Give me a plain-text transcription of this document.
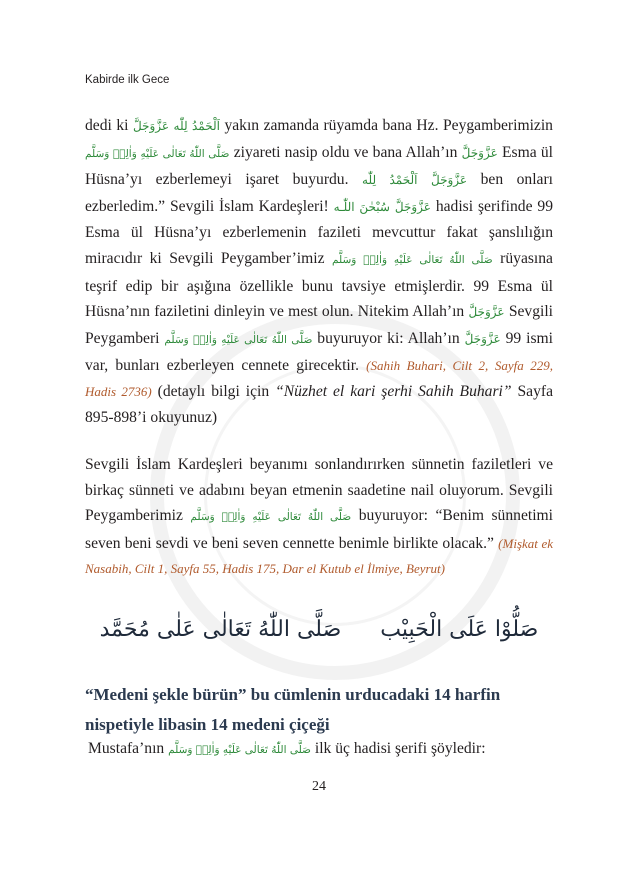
Kabirde ilk Gece
dedi ki عَزَّوَجَلَّ اَلْحَمْدُ لِلّٰه yakın zamanda rüyamda bana Hz. Peygamberimizin صَلَّى اللّٰهُ تَعَالٰى عَلَيْهِ وَاٰلِهٖ وَسَلَّم ziyareti nasip oldu ve bana Allah’ın عَزَّوَجَلَّ Esma ül Hüsna’yı ezberlemeyi işaret buyurdu. اَلْحَمْدُ لِلّٰه عَزَّوَجَلَّ ben onları ezberledim.” Sevgili İslam Kardeşleri! سُبْحٰنَ اللّٰـه عَزَّوَجَلَّ hadisi şerifinde 99 Esma ül Hüsna’yı ezberlemenin fazileti mevcuttur fakat şanslılığın miracıdır ki Sevgili Peygamber’imiz صَلَّى اللّٰهُ تَعَالٰى عَلَيْهِ وَاٰلِهٖ وَسَلَّم rüyasına teşrif edip bir aşığına özellikle bunu tavsiye etmişlerdir. 99 Esma ül Hüsna’nın faziletini dinleyin ve mest olun. Nitekim Allah’ın عَزَّوَجَلَّ Sevgili Peygamberi صَلَّى اللّٰهُ تَعَالٰى عَلَيْهِ وَاٰلِهٖ وَسَلَّم buyuruyor ki: Allah’ın عَزَّوَجَلَّ 99 ismi var, bunları ezberleyen cennete girecektir. (Sahih Buhari, Cilt 2, Sayfa 229, Hadis 2736) (detaylı bilgi için “Nüzhet el kari şerhi Sahih Buhari” Sayfa 895-898’i okuyunuz)
Sevgili İslam Kardeşleri beyanımı sonlandırırken sünnetin faziletleri ve birkaç sünneti ve adabını beyan etmenin saadetine nail oluyorum. Sevgili Peygamberimiz صَلَّى اللّٰهُ تَعَالٰى عَلَيْهِ وَاٰلِهٖ وَسَلَّم buyuruyor: “Benim sünnetimi seven beni sevdi ve beni seven cennette benimle birlikte olacak.” (Mişkat ek Nasabih, Cilt 1, Sayfa 55, Hadis 175, Dar el Kutub el İlmiye, Beyrut)
صَلُّوْا عَلَى الْحَبِيْب صَلَّى اللّٰهُ تَعَالٰى عَلٰى مُحَمَّد
“Medeni şekle bürün” bu cümlenin urducadaki 14 harfin nispetiyle libasin 14 medeni çiçeği
Mustafa’nın صَلَّى اللّٰهُ تَعَالٰى عَلَيْهِ وَاٰلِهٖ وَسَلَّم ilk üç hadisi şerifi şöyledir:
24
